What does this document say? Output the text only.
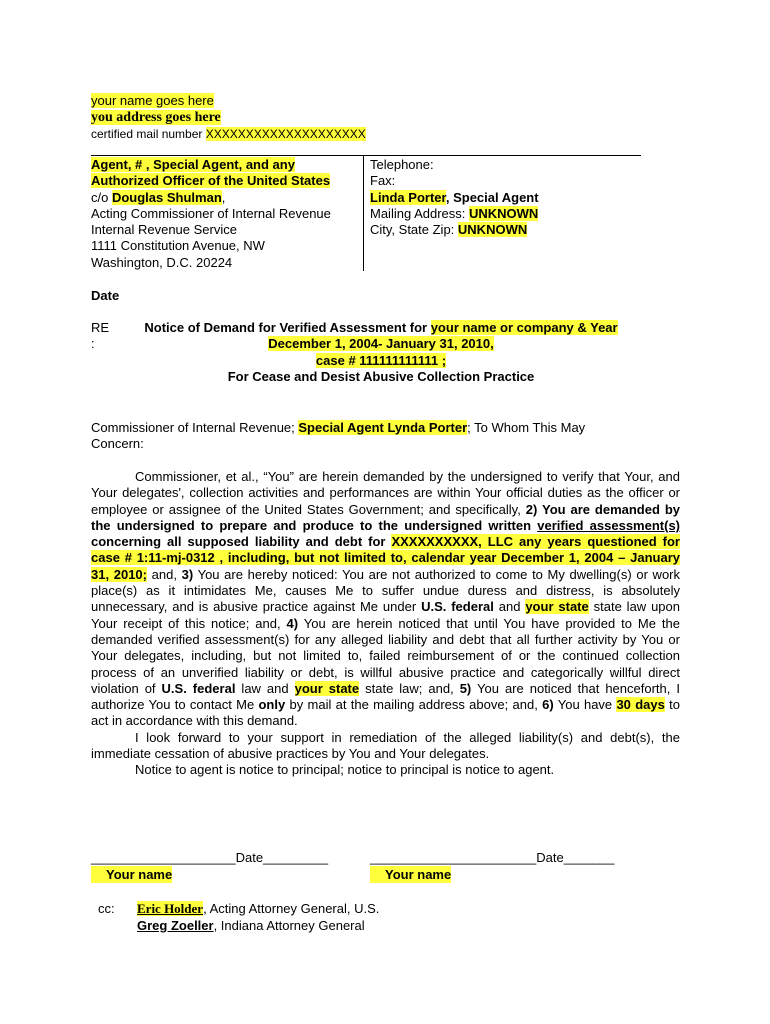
your name goes here
you address goes here
certified mail number XXXXXXXXXXXXXXXXXXXX
Agent, # , Special Agent, and any
Authorized Officer of the United States
c/o Douglas Shulman,
Acting Commissioner of Internal Revenue
Internal Revenue Service
1111 Constitution Avenue, NW
Washington, D.C. 20224
Telephone:
Fax:
Linda Porter, Special Agent
Mailing Address: UNKNOWN
City, State Zip: UNKNOWN
Date
RE
:
Notice of Demand for Verified Assessment for your name or company & Year
December 1, 2004- January 31, 2010,
case # 111111111111 ;
For Cease and Desist Abusive Collection Practice
Commissioner of Internal Revenue; Special Agent Lynda Porter; To Whom This May Concern:

Commissioner, et al., “You” are herein demanded by the undersigned to verify that Your, and Your delegates', collection activities and performances are within Your official duties as the officer or employee or assignee of the United States Government; and specifically, 2) You are demanded by the undersigned to prepare and produce to the undersigned written verified assessment(s) concerning all supposed liability and debt for XXXXXXXXXX, LLC any years questioned for case # 1:11-mj-0312 , including, but not limited to, calendar year December 1, 2004 – January 31, 2010; and, 3) You are hereby noticed: You are not authorized to come to My dwelling(s) or work place(s) as it intimidates Me, causes Me to suffer undue duress and distress, is absolutely unnecessary, and is abusive practice against Me under U.S. federal and your state state law upon Your receipt of this notice; and, 4) You are herein noticed that until You have provided to Me the demanded verified assessment(s) for any alleged liability and debt that all further activity by You or Your delegates, including, but not limited to, failed reimbursement of or the continued collection process of an unverified liability or debt, is willful abusive practice and categorically willful direct violation of U.S. federal law and your state state law; and, 5) You are noticed that henceforth, I authorize You to contact Me only by mail at the mailing address above; and, 6) You have 30 days to act in accordance with this demand.

I look forward to your support in remediation of the alleged liability(s) and debt(s), the immediate cessation of abusive practices by You and Your delegates.

Notice to agent is notice to principal; notice to principal is notice to agent.

____________________Date_________
Your name
_______________________Date_______
Your name
cc: Eric Holder, Acting Attorney General, U.S.
Greg Zoeller, Indiana Attorney General
